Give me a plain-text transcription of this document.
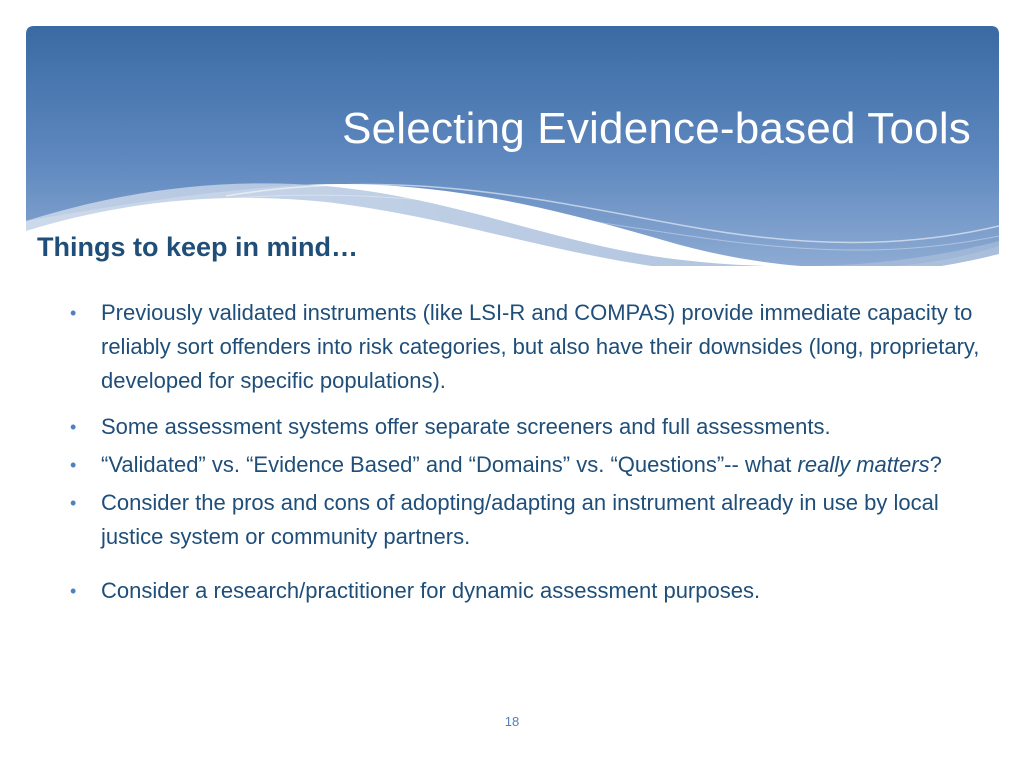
Selecting Evidence-based Tools
Things to keep in mind…
• Previously validated instruments (like LSI-R and COMPAS) provide immediate capacity to reliably sort offenders into risk categories, but also have their downsides (long, proprietary, developed for specific populations).
• Some assessment systems offer separate screeners and full assessments.
• “Validated” vs. “Evidence Based” and “Domains” vs. “Questions”-- what really matters?
• Consider the pros and cons of adopting/adapting an instrument already in use by local justice system or community partners.
• Consider a research/practitioner for dynamic assessment purposes.
18
